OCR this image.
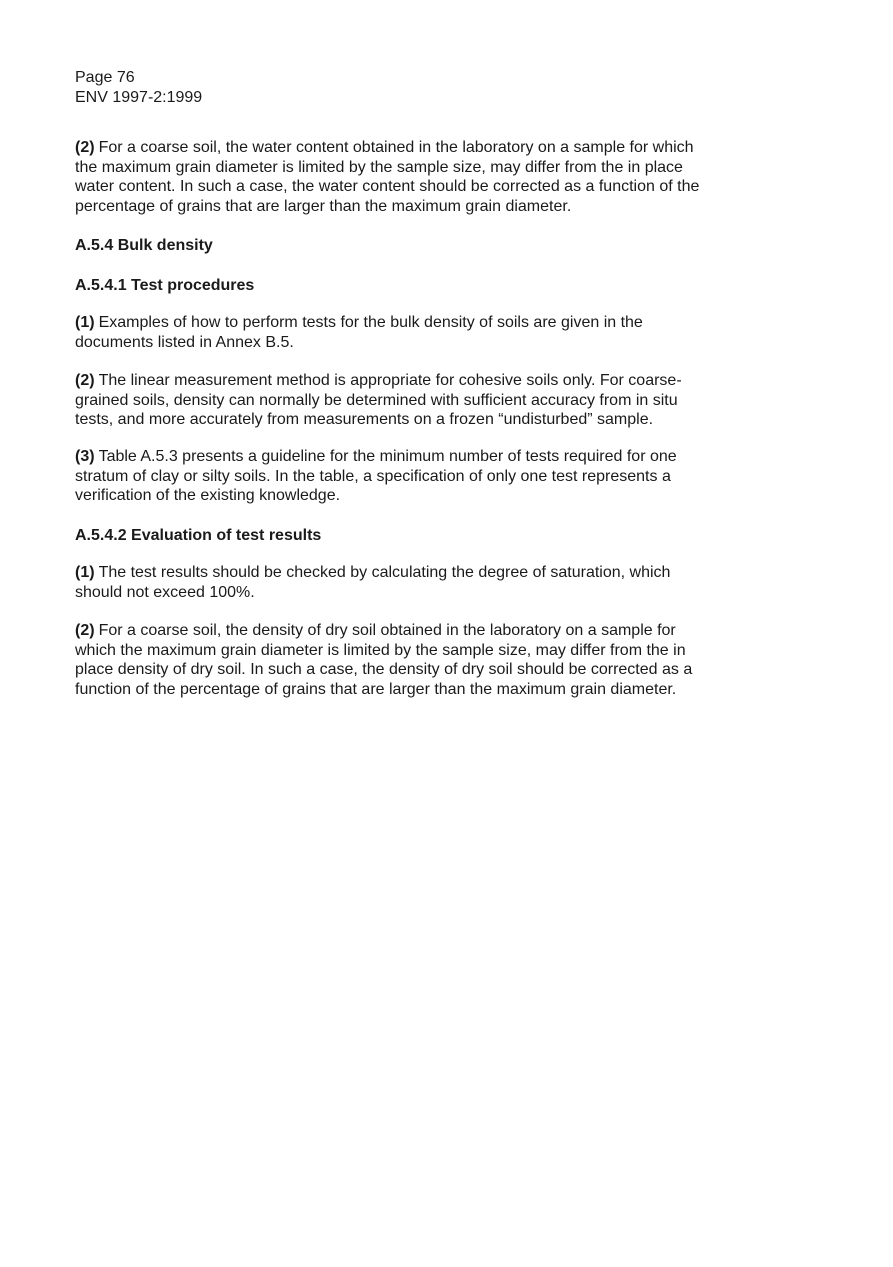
Page 76
ENV 1997-2:1999
(2) For a coarse soil, the water content obtained in the laboratory on a sample for which
the maximum grain diameter is limited by the sample size, may differ from the in place
water content. In such a case, the water content should be corrected as a function of the
percentage of grains that are larger than the maximum grain diameter.
A.5.4 Bulk density
A.5.4.1 Test procedures
(1) Examples of how to perform tests for the bulk density of soils are given in the
documents listed in Annex B.5.
(2) The linear measurement method is appropriate for cohesive soils only. For coarse-
grained soils, density can normally be determined with sufficient accuracy from in situ
tests, and more accurately from measurements on a frozen “undisturbed” sample.
(3) Table A.5.3 presents a guideline for the minimum number of tests required for one
stratum of clay or silty soils. In the table, a specification of only one test represents a
verification of the existing knowledge.
A.5.4.2 Evaluation of test results
(1) The test results should be checked by calculating the degree of saturation, which
should not exceed 100%.
(2) For a coarse soil, the density of dry soil obtained in the laboratory on a sample for
which the maximum grain diameter is limited by the sample size, may differ from the in
place density of dry soil. In such a case, the density of dry soil should be corrected as a
function of the percentage of grains that are larger than the maximum grain diameter.
